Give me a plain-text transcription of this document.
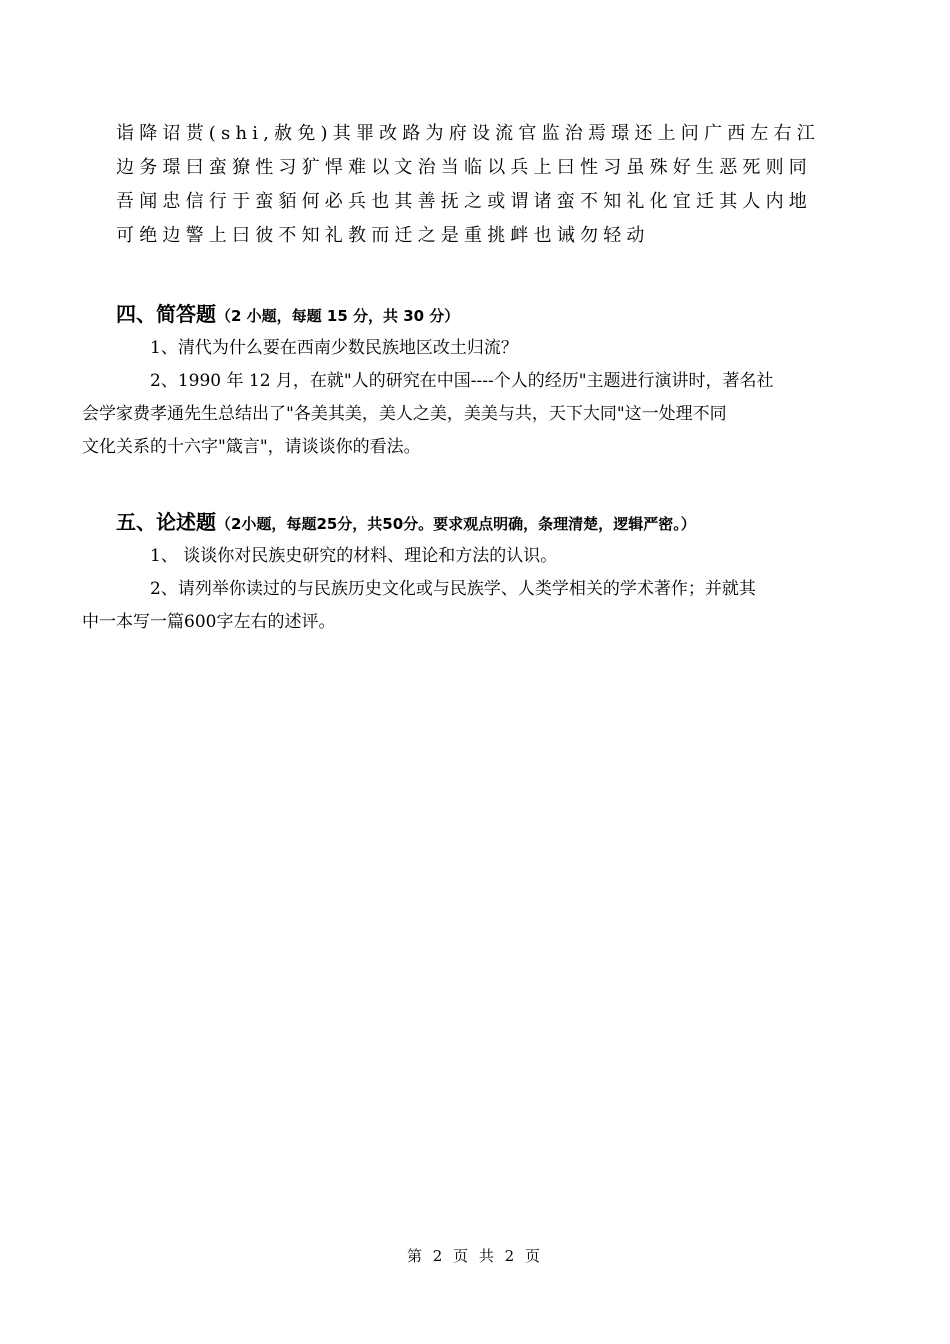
诣降诏贳(shi,赦免)其罪改路为府设流官监治焉璟还上问广西左右江
边务璟曰蛮獠性习犷悍难以文治当临以兵上曰性习虽殊好生恶死则同
吾闻忠信行于蛮貊何必兵也其善抚之或谓诸蛮不知礼化宜迁其人内地
可绝边警上曰彼不知礼教而迁之是重挑衅也诫勿轻动
四、简答题（2 小题，每题 15 分，共 30 分）
1、清代为什么要在西南少数民族地区改土归流？
2、1990 年 12 月，在就"人的研究在中国----个人的经历"主题进行演讲时，著名社
会学家费孝通先生总结出了"各美其美，美人之美，美美与共，天下大同"这一处理不同
文化关系的十六字"箴言"，请谈谈你的看法。
五、论述题（2小题，每题25分，共50分。要求观点明确，条理清楚，逻辑严密。）
1、 谈谈你对民族史研究的材料、理论和方法的认识。
2、请列举你读过的与民族历史文化或与民族学、人类学相关的学术著作；并就其
中一本写一篇600字左右的述评。
第 2 页 共 2 页
